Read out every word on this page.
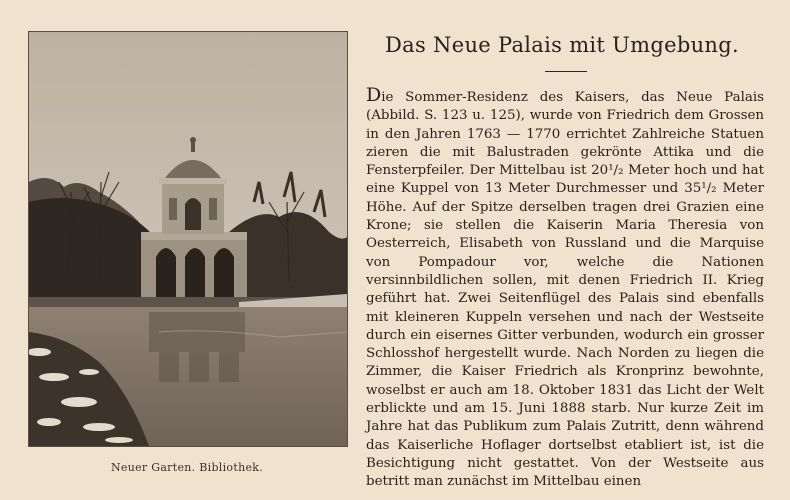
Neuer Garten. Bibliothek.
Das Neue Palais mit Umgebung.

Die Sommer-Residenz des Kaisers, das Neue Palais (Abbild. S. 123 u. 125), wurde von Friedrich dem Grossen in den Jahren 1763 — 1770 errichtet Zahlreiche Statuen zieren die mit Balustraden gekrönte Attika und die Fensterpfeiler. Der Mittelbau ist 20¹/₂ Meter hoch und hat eine Kuppel von 13 Meter Durchmesser und 35¹/₂ Meter Höhe. Auf der Spitze derselben tragen drei Grazien eine Krone; sie stellen die Kaiserin Maria Theresia von Oesterreich, Elisabeth von Russland und die Marquise von Pompadour vor, welche die Nationen versinnbildlichen sollen, mit denen Friedrich II. Krieg geführt hat. Zwei Seitenflügel des Palais sind ebenfalls mit kleineren Kuppeln versehen und nach der Westseite durch ein eisernes Gitter verbunden, wodurch ein grosser Schlosshof hergestellt wurde. Nach Norden zu liegen die Zimmer, die Kaiser Friedrich als Kronprinz bewohnte, woselbst er auch am 18. Oktober 1831 das Licht der Welt erblickte und am 15. Juni 1888 starb. Nur kurze Zeit im Jahre hat das Publikum zum Palais Zutritt, denn während das Kaiserliche Hoflager dortselbst etabliert ist, ist die Besichtigung nicht gestattet. Von der Westseite aus betritt man zunächst im Mittelbau einen
